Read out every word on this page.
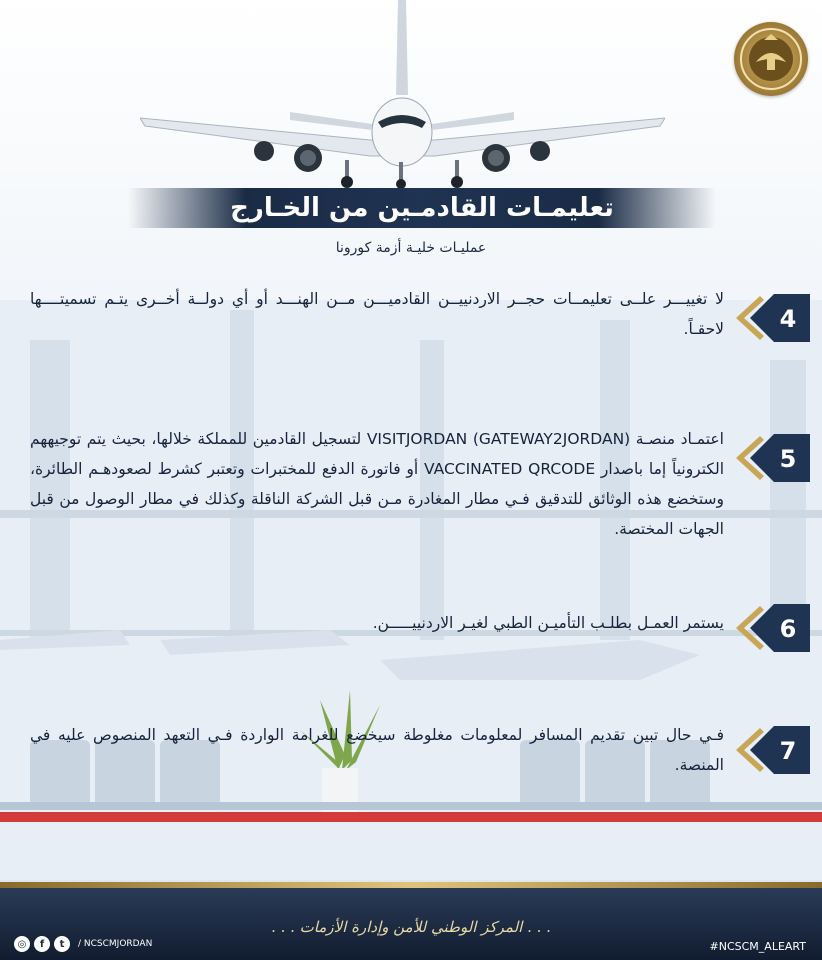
تعليمـات القادمـين من الخـارج
عمليـات خليـة أزمة كورونا
4
لا تغييـــر علــى تعليمــات حجــر الاردنييــن القادميـــن مــن الهنـــد أو أي دولــة أخــرى يتـم تسميتــــها لاحقـاً.
5
اعتمـاد منصـة (VISITJORDAN (GATEWAY2JORDAN لتسجيل القادمين للمملكة خلالها، بحيث يتم توجيههم الكترونياً إما باصدار VACCINATED QRCODE أو فاتورة الدفع للمختبرات وتعتبر كشرط لصعودهـم الطائرة، وستخضع هذه الوثائق للتدقيق فـي مطار المغادرة مـن قبل الشركة الناقلة وكذلك في مطار الوصول من قبل الجهات المختصة.
6
يستمر العمـل بطلـب التأميـن الطبي لغيـر الاردنييـــــن.
7
فـي حال تبين تقديم المسافر لمعلومات مغلوطة سيخضع للغرامة الواردة فـي التعهد المنصوص عليه في المنصة.
◎	f	t	/ NCSCMJORDAN
. . . المركز الوطني للأمن وإدارة الأزمات . . .
#NCSCM_ALEART
